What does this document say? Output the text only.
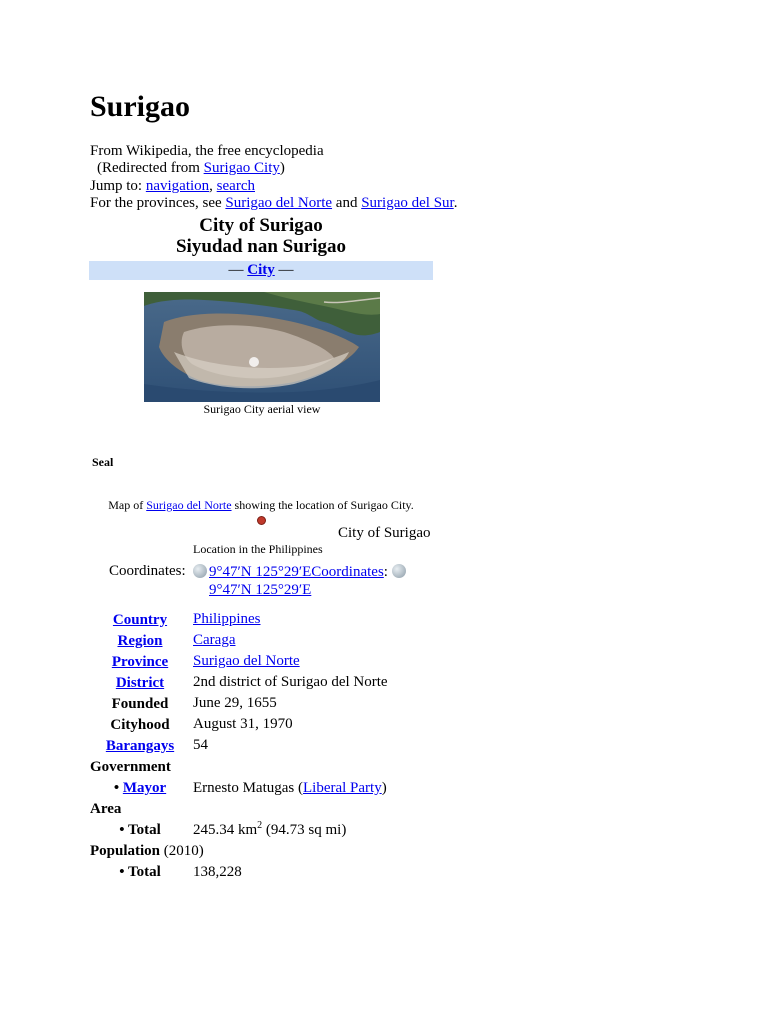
Surigao
From Wikipedia, the free encyclopedia
(Redirected from Surigao City)
Jump to: navigation, search
For the provinces, see Surigao del Norte and Surigao del Sur.
City of Surigao
Siyudad nan Surigao
— City —
Surigao City aerial view
Seal
Map of Surigao del Norte showing the location of Surigao City.
City of Surigao
Location in the Philippines
Coordinates:	9°47′N 125°29′ECoordinates:
9°47′N 125°29′E
Country	Philippines
Region	Caraga
Province	Surigao del Norte
District	2nd district of Surigao del Norte
Founded	June 29, 1655
Cityhood	August 31, 1970
Barangays	54
Government
• Mayor	Ernesto Matugas (Liberal Party)
Area
• Total	245.34 $km^2$ (94.73 sq mi)
Population (2010)
• Total	138,228
